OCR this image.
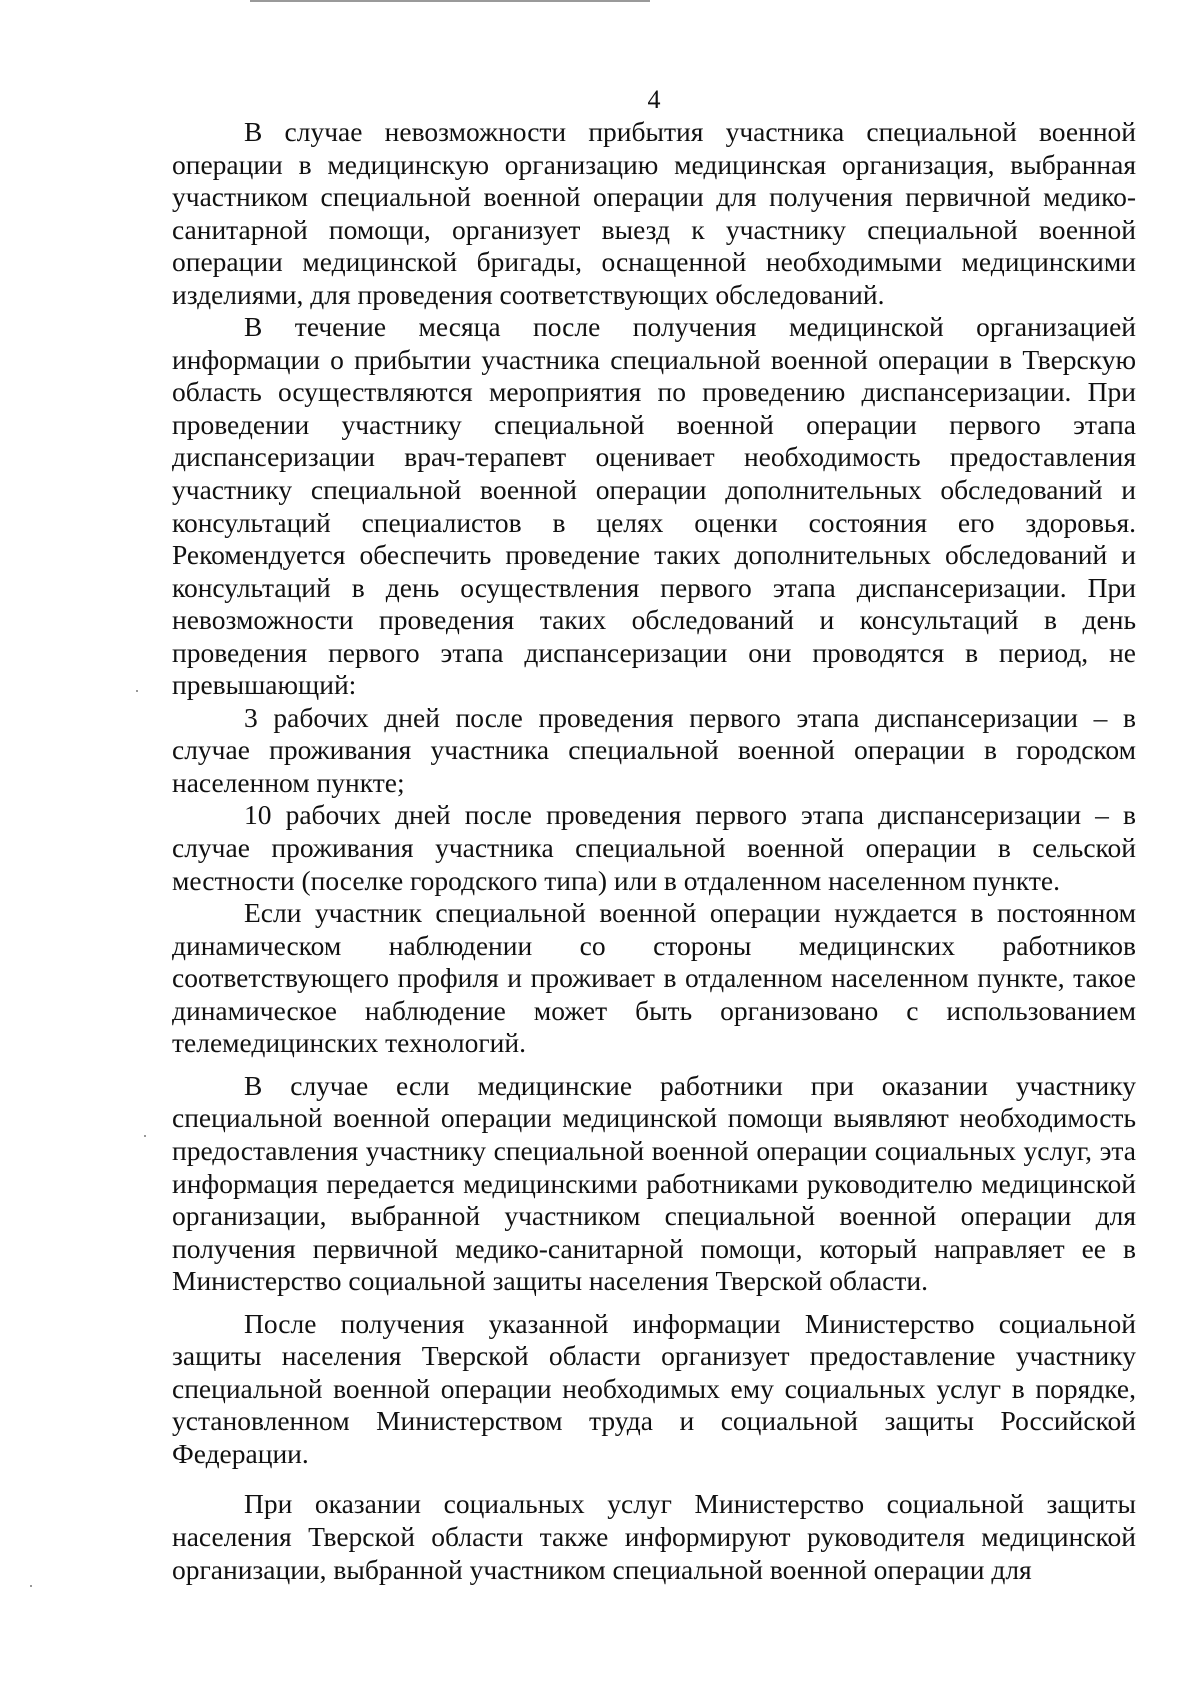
4

В случае невозможности прибытия участника специальной военной операции в медицинскую организацию медицинская организация, выбранная участником специальной военной операции для получения первичной медико-санитарной помощи, организует выезд к участнику специальной военной операции медицинской бригады, оснащенной необходимыми медицинскими изделиями, для проведения соответствующих обследований.

В течение месяца после получения медицинской организацией информации о прибытии участника специальной военной операции в Тверскую область осуществляются мероприятия по проведению диспансеризации. При проведении участнику специальной военной операции первого этапа диспансеризации врач-терапевт оценивает необходимость предоставления участнику специальной военной операции дополнительных обследований и консультаций специалистов в целях оценки состояния его здоровья. Рекомендуется обеспечить проведение таких дополнительных обследований и консультаций в день осуществления первого этапа диспансеризации. При невозможности проведения таких обследований и консультаций в день проведения первого этапа диспансеризации они проводятся в период, не превышающий:

3 рабочих дней после проведения первого этапа диспансеризации – в случае проживания участника специальной военной операции в городском населенном пункте;

10 рабочих дней после проведения первого этапа диспансеризации – в случае проживания участника специальной военной операции в сельской местности (поселке городского типа) или в отдаленном населенном пункте.

Если участник специальной военной операции нуждается в постоянном динамическом наблюдении со стороны медицинских работников соответствующего профиля и проживает в отдаленном населенном пункте, такое динамическое наблюдение может быть организовано с использованием телемедицинских технологий.

В случае если медицинские работники при оказании участнику специальной военной операции медицинской помощи выявляют необходимость предоставления участнику специальной военной операции социальных услуг, эта информация передается медицинскими работниками руководителю медицинской организации, выбранной участником специальной военной операции для получения первичной медико-санитарной помощи, который направляет ее в Министерство социальной защиты населения Тверской области.

После получения указанной информации Министерство социальной защиты населения Тверской области организует предоставление участнику специальной военной операции необходимых ему социальных услуг в порядке, установленном Министерством труда и социальной защиты Российской Федерации.

При оказании социальных услуг Министерство социальной защиты населения Тверской области также информируют руководителя медицинской организации, выбранной участником специальной военной операции для
